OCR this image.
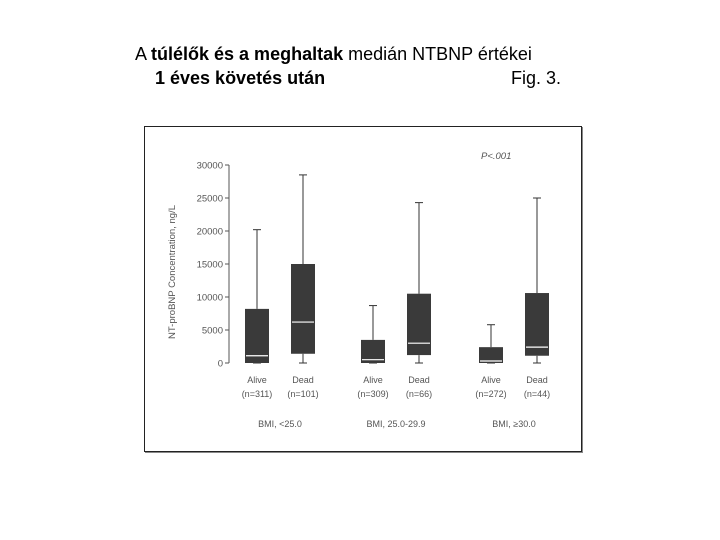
A túlélők és a meghaltak medián NTBNP értékei
1 éves követés után	Fig. 3.
0
5000
10000
15000
20000
25000
30000
NT-proBNP Concentration, ng/L
P<.001
Alive
(n=311)
Dead
(n=101)
BMI, <25.0
Alive
(n=309)
Dead
(n=66)
BMI, 25.0-29.9
Alive
(n=272)
Dead
(n=44)
BMI, ≥30.0
